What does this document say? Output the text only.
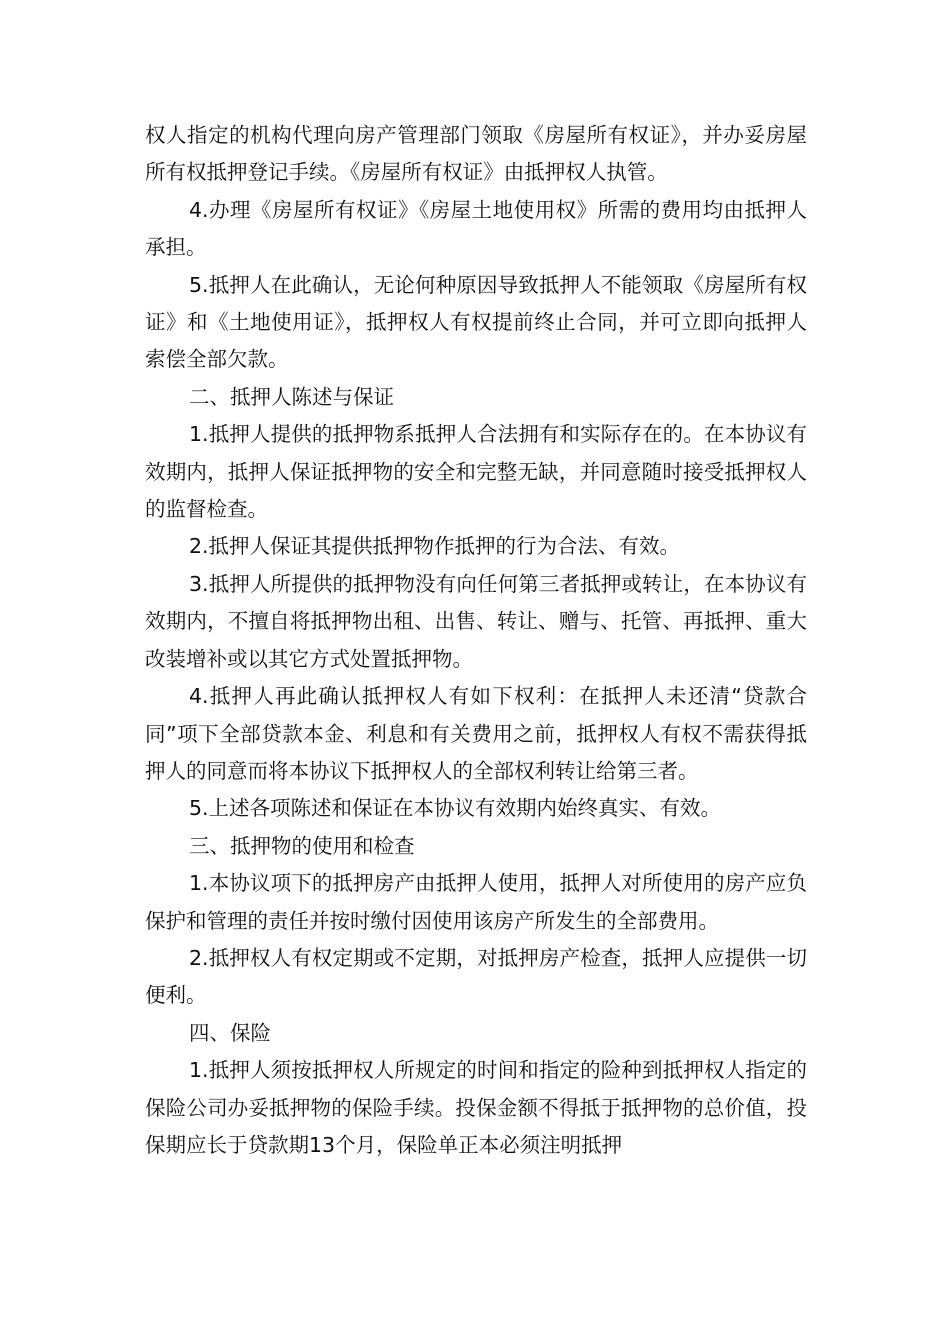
权人指定的机构代理向房产管理部门领取《房屋所有权证》，并办妥房屋所有权抵押登记手续。《房屋所有权证》由抵押权人执管。

4.办理《房屋所有权证》《房屋土地使用权》所需的费用均由抵押人承担。

5.抵押人在此确认，无论何种原因导致抵押人不能领取《房屋所有权证》和《土地使用证》，抵押权人有权提前终止合同，并可立即向抵押人索偿全部欠款。

二、抵押人陈述与保证

1.抵押人提供的抵押物系抵押人合法拥有和实际存在的。在本协议有效期内，抵押人保证抵押物的安全和完整无缺，并同意随时接受抵押权人的监督检查。

2.抵押人保证其提供抵押物作抵押的行为合法、有效。

3.抵押人所提供的抵押物没有向任何第三者抵押或转让，在本协议有效期内，不擅自将抵押物出租、出售、转让、赠与、托管、再抵押、重大改装增补或以其它方式处置抵押物。

4.抵押人再此确认抵押权人有如下权利：在抵押人未还清“贷款合同”项下全部贷款本金、利息和有关费用之前，抵押权人有权不需获得抵押人的同意而将本协议下抵押权人的全部权利转让给第三者。

5.上述各项陈述和保证在本协议有效期内始终真实、有效。

三、抵押物的使用和检查

1.本协议项下的抵押房产由抵押人使用，抵押人对所使用的房产应负保护和管理的责任并按时缴付因使用该房产所发生的全部费用。

2.抵押权人有权定期或不定期，对抵押房产检查，抵押人应提供一切便利。

四、保险

1.抵押人须按抵押权人所规定的时间和指定的险种到抵押权人指定的保险公司办妥抵押物的保险手续。投保金额不得抵于抵押物的总价值，投保期应长于贷款期13个月，保险单正本必须注明抵押
